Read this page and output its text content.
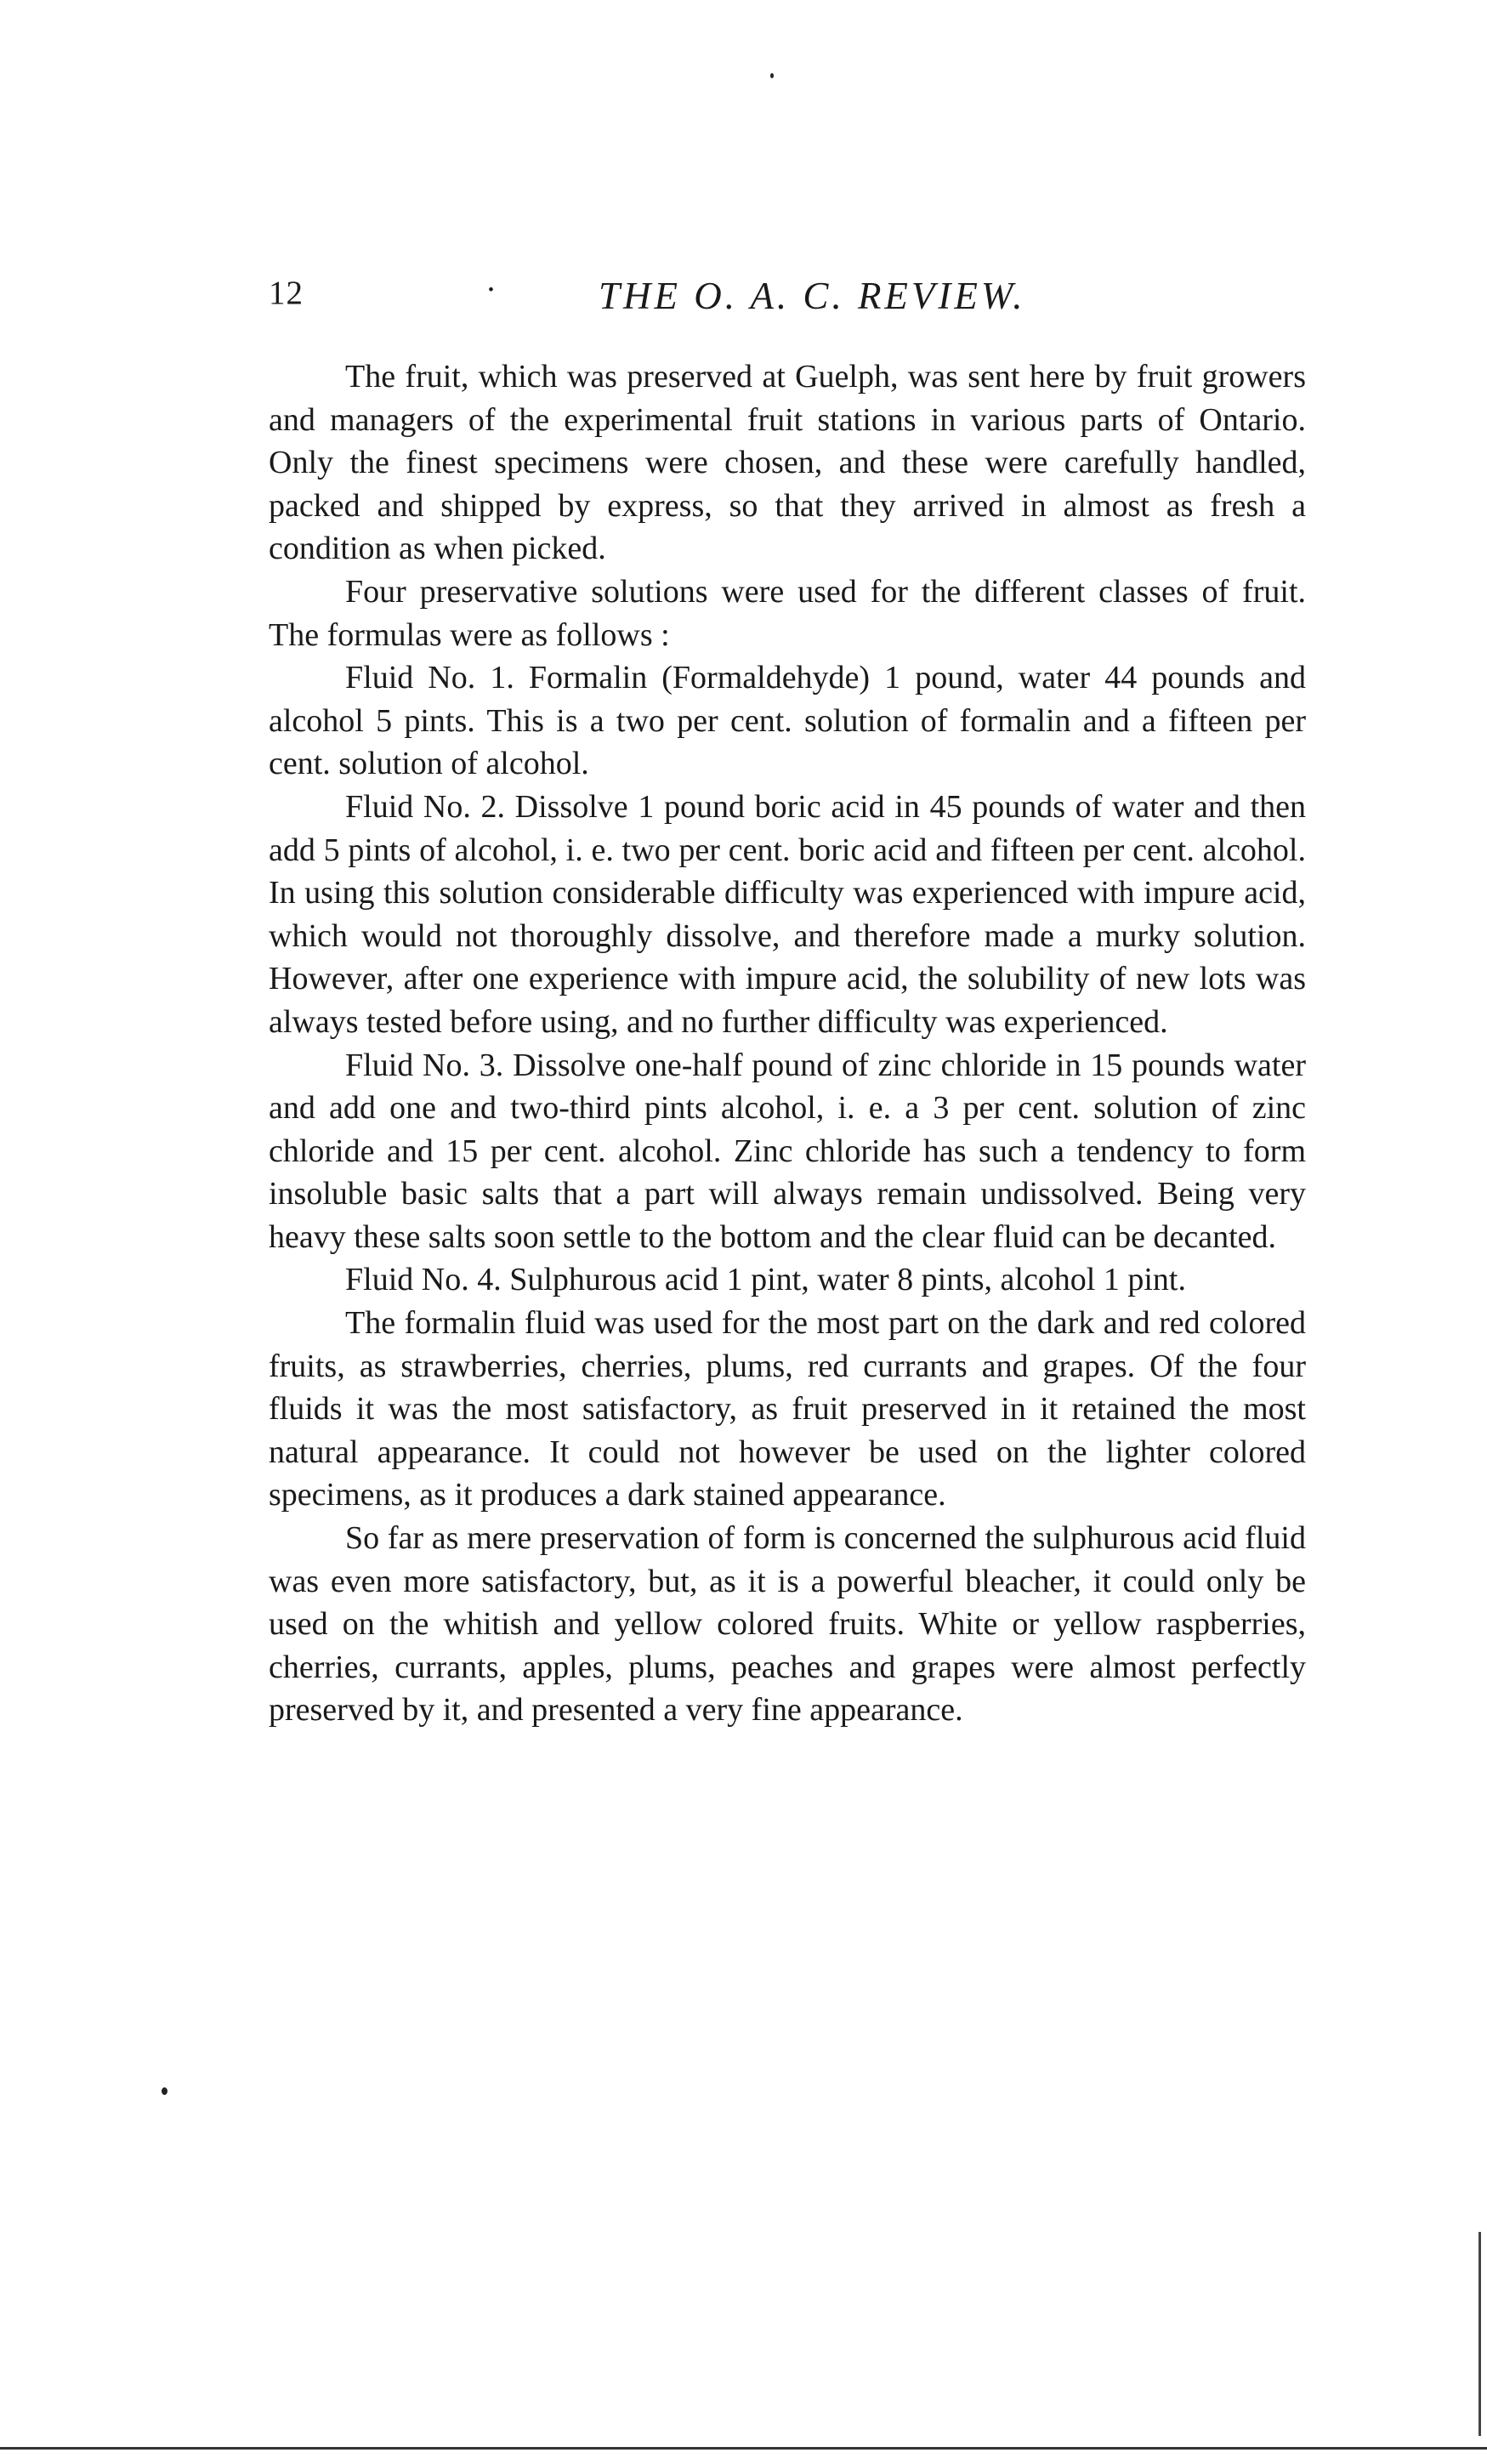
12	·	THE O. A. C. REVIEW.

The fruit, which was preserved at Guelph, was sent here by fruit growers and managers of the experimental fruit stations in various parts of Ontario. Only the finest specimens were chosen, and these were carefully handled, packed and shipped by express, so that they arrived in almost as fresh a condition as when picked.

Four preservative solutions were used for the different classes of fruit. The formulas were as follows :

Fluid No. 1. Formalin (Formaldehyde) 1 pound, water 44 pounds and alcohol 5 pints. This is a two per cent. solution of formalin and a fifteen per cent. solution of alcohol.

Fluid No. 2. Dissolve 1 pound boric acid in 45 pounds of water and then add 5 pints of alcohol, i. e. two per cent. boric acid and fifteen per cent. alcohol. In using this solution considerable difficulty was experienced with impure acid, which would not thoroughly dissolve, and therefore made a murky solution. However, after one experience with impure acid, the solubility of new lots was always tested before using, and no further difficulty was experienced.

Fluid No. 3. Dissolve one-half pound of zinc chloride in 15 pounds water and add one and two-third pints alcohol, i. e. a 3 per cent. solution of zinc chloride and 15 per cent. alcohol. Zinc chloride has such a tendency to form insoluble basic salts that a part will always remain undissolved. Being very heavy these salts soon settle to the bottom and the clear fluid can be decanted.

Fluid No. 4. Sulphurous acid 1 pint, water 8 pints, alcohol 1 pint.

The formalin fluid was used for the most part on the dark and red colored fruits, as strawberries, cherries, plums, red currants and grapes. Of the four fluids it was the most satisfactory, as fruit preserved in it retained the most natural appearance. It could not however be used on the lighter colored specimens, as it produces a dark stained appearance.

So far as mere preservation of form is concerned the sulphurous acid fluid was even more satisfactory, but, as it is a powerful bleacher, it could only be used on the whitish and yellow colored fruits. White or yellow raspberries, cherries, currants, apples, plums, peaches and grapes were almost perfectly preserved by it, and presented a very fine appearance.
